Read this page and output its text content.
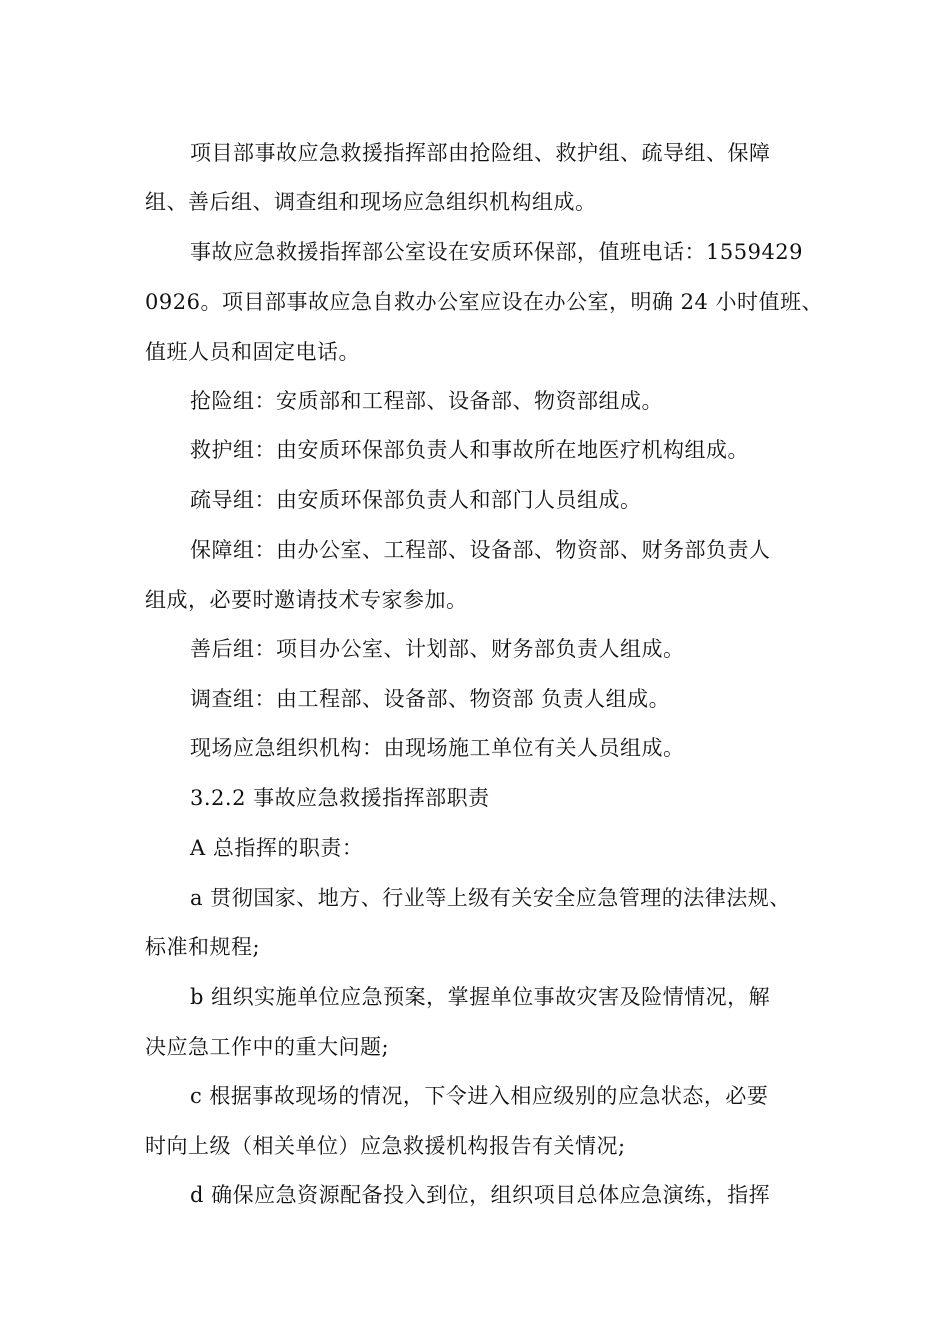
项目部事故应急救援指挥部由抢险组、救护组、疏导组、保障
组、善后组、调查组和现场应急组织机构组成。
事故应急救援指挥部公室设在安质环保部，值班电话：1559429
0926。项目部事故应急自救办公室应设在办公室，明确 24 小时值班、
值班人员和固定电话。
抢险组：安质部和工程部、设备部、物资部组成。
救护组：由安质环保部负责人和事故所在地医疗机构组成。
疏导组：由安质环保部负责人和部门人员组成。
保障组：由办公室、工程部、设备部、物资部、财务部负责人
组成，必要时邀请技术专家参加。
善后组：项目办公室、计划部、财务部负责人组成。
调查组：由工程部、设备部、物资部 负责人组成。
现场应急组织机构：由现场施工单位有关人员组成。
3.2.2 事故应急救援指挥部职责
A 总指挥的职责：
a 贯彻国家、地方、行业等上级有关安全应急管理的法律法规、
标准和规程;
b 组织实施单位应急预案，掌握单位事故灾害及险情情况，解
决应急工作中的重大问题;
c 根据事故现场的情况，下令进入相应级别的应急状态，必要
时向上级（相关单位）应急救援机构报告有关情况;
d 确保应急资源配备投入到位，组织项目总体应急演练，指挥
